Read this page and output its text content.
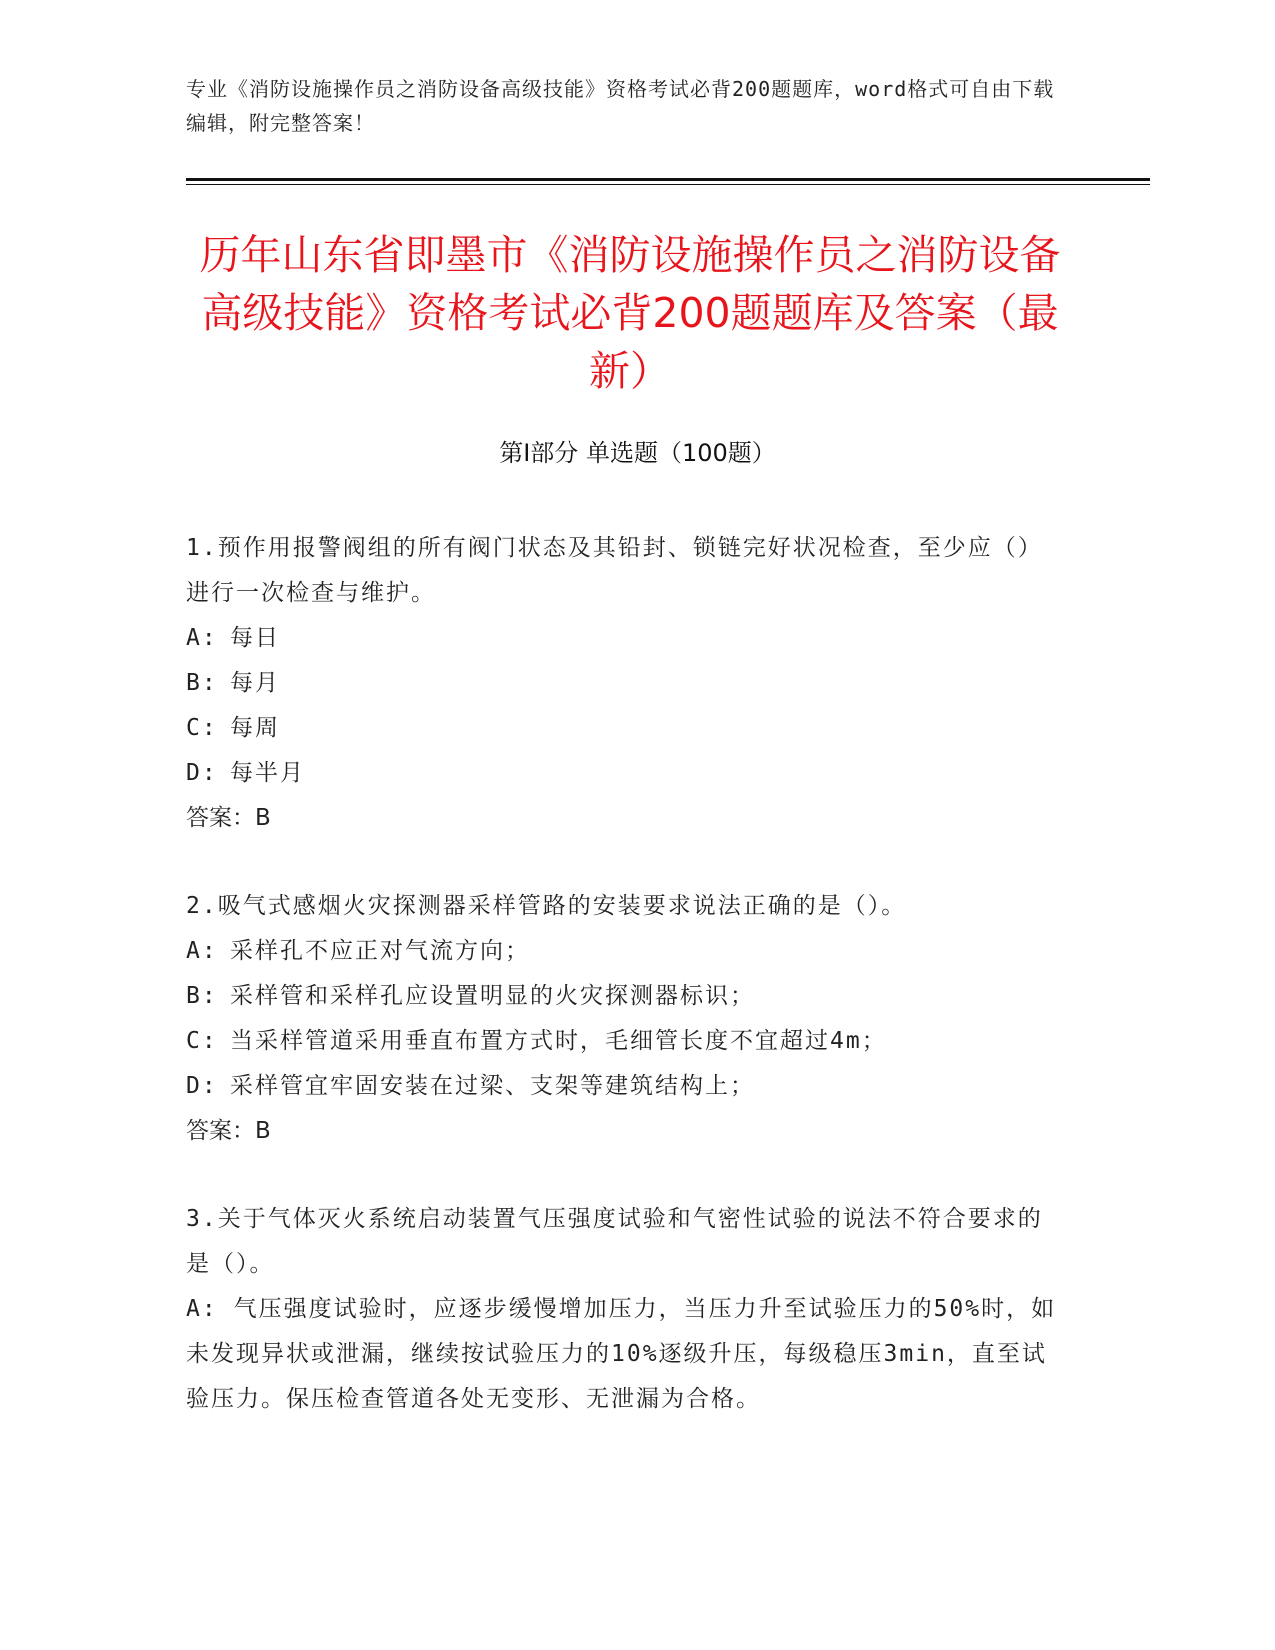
专业《消防设施操作员之消防设备高级技能》资格考试必背200题题库，word格式可自由下载编辑，附完整答案！
历年山东省即墨市《消防设施操作员之消防设备高级技能》资格考试必背200题题库及答案（最新）
第Ⅰ部分 单选题（100题）

1.预作用报警阀组的所有阀门状态及其铅封、锁链完好状况检查，至少应（）进行一次检查与维护。

A: 每日

B: 每月

C: 每周

D: 每半月

答案：B

2.吸气式感烟火灾探测器采样管路的安装要求说法正确的是（）。

A: 采样孔不应正对气流方向；

B: 采样管和采样孔应设置明显的火灾探测器标识；

C: 当采样管道采用垂直布置方式时，毛细管长度不宜超过4m；

D: 采样管宜牢固安装在过梁、支架等建筑结构上；

答案：B

3.关于气体灭火系统启动装置气压强度试验和气密性试验的说法不符合要求的是（）。

A: 气压强度试验时，应逐步缓慢增加压力，当压力升至试验压力的50%时，如未发现异状或泄漏，继续按试验压力的10%逐级升压，每级稳压3min，直至试验压力。保压检查管道各处无变形、无泄漏为合格。
